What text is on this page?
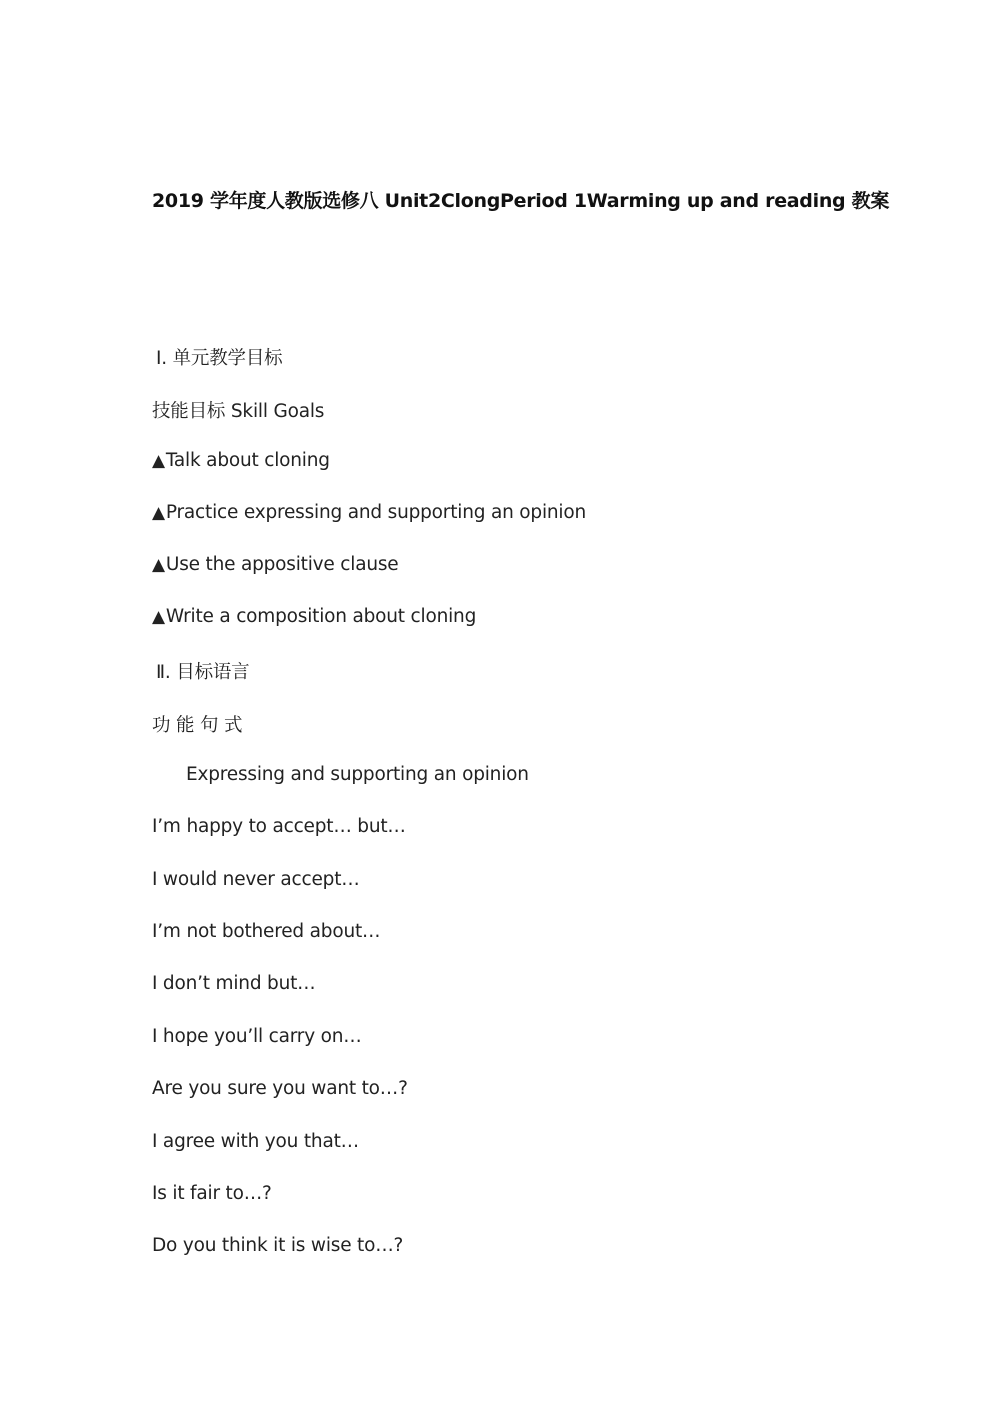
2019 学年度人教版选修八 Unit2ClongPeriod 1Warming up and reading 教案
Ⅰ. 单元教学目标
技能目标 Skill Goals
▲Talk about cloning
▲Practice expressing and supporting an opinion
▲Use the appositive clause
▲Write a composition about cloning
Ⅱ. 目标语言
功 能 句 式
Expressing and supporting an opinion
I’m happy to accept… but…
I would never accept…
I’m not bothered about…
I don’t mind but…
I hope you’ll carry on…
Are you sure you want to…?
I agree with you that…
Is it fair to…?
Do you think it is wise to…?
